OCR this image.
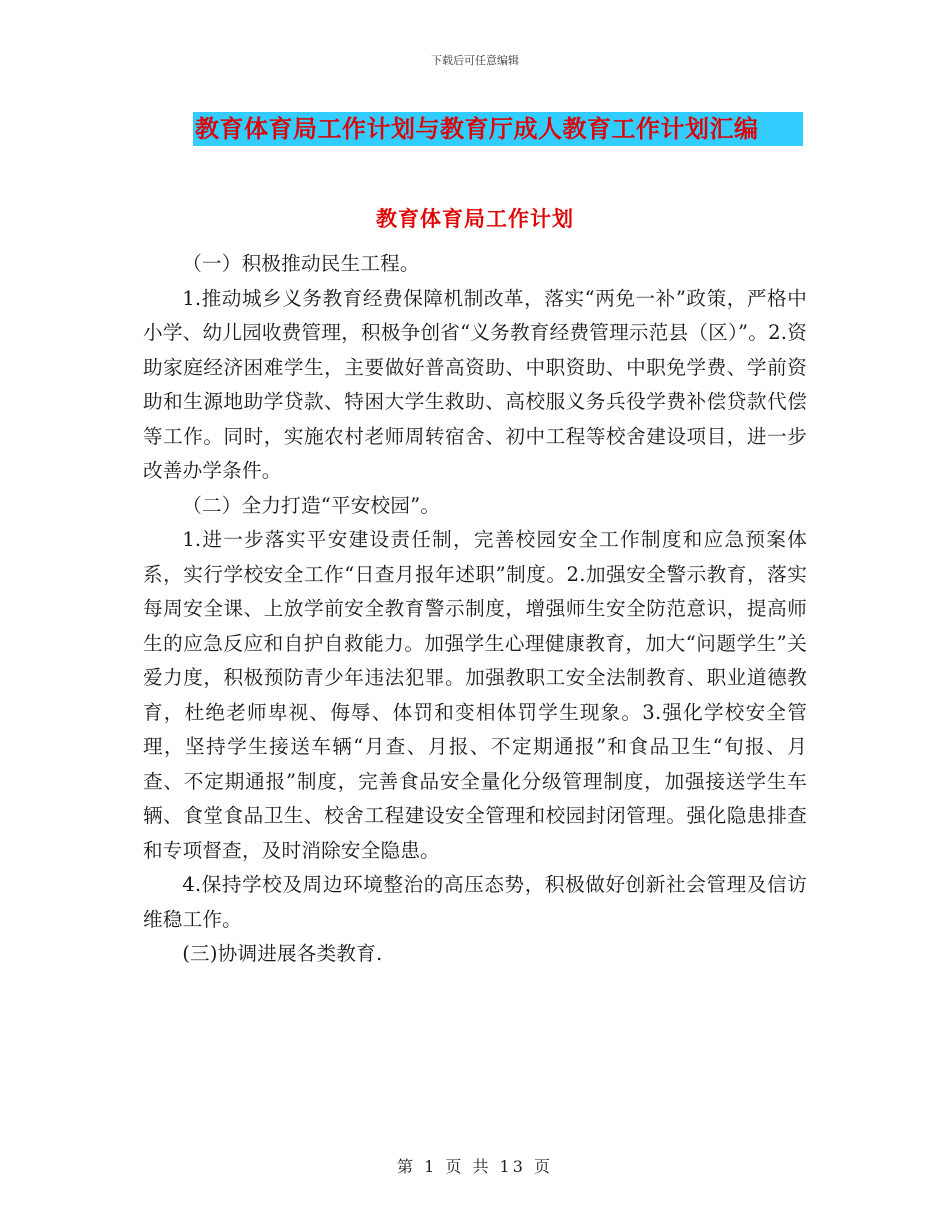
下载后可任意编辑
教育体育局工作计划与教育厅成人教育工作计划汇编
教育体育局工作计划

（一）积极推动民生工程。

1.推动城乡义务教育经费保障机制改革，落实“两免一补”政策，严格中小学、幼儿园收费管理，积极争创省“义务教育经费管理示范县（区）”。2.资助家庭经济困难学生，主要做好普高资助、中职资助、中职免学费、学前资助和生源地助学贷款、特困大学生救助、高校服义务兵役学费补偿贷款代偿等工作。同时，实施农村老师周转宿舍、初中工程等校舍建设项目，进一步改善办学条件。

（二）全力打造“平安校园”。

1.进一步落实平安建设责任制，完善校园安全工作制度和应急预案体系，实行学校安全工作“日查月报年述职”制度。2.加强安全警示教育，落实每周安全课、上放学前安全教育警示制度，增强师生安全防范意识，提高师生的应急反应和自护自救能力。加强学生心理健康教育，加大“问题学生”关爱力度，积极预防青少年违法犯罪。加强教职工安全法制教育、职业道德教育，杜绝老师卑视、侮辱、体罚和变相体罚学生现象。3.强化学校安全管理，坚持学生接送车辆“月查、月报、不定期通报”和食品卫生“旬报、月查、不定期通报”制度，完善食品安全量化分级管理制度，加强接送学生车辆、食堂食品卫生、校舍工程建设安全管理和校园封闭管理。强化隐患排查和专项督查，及时消除安全隐患。

4.保持学校及周边环境整治的高压态势，积极做好创新社会管理及信访维稳工作。

(三)协调进展各类教育.

第 1 页 共 13 页
